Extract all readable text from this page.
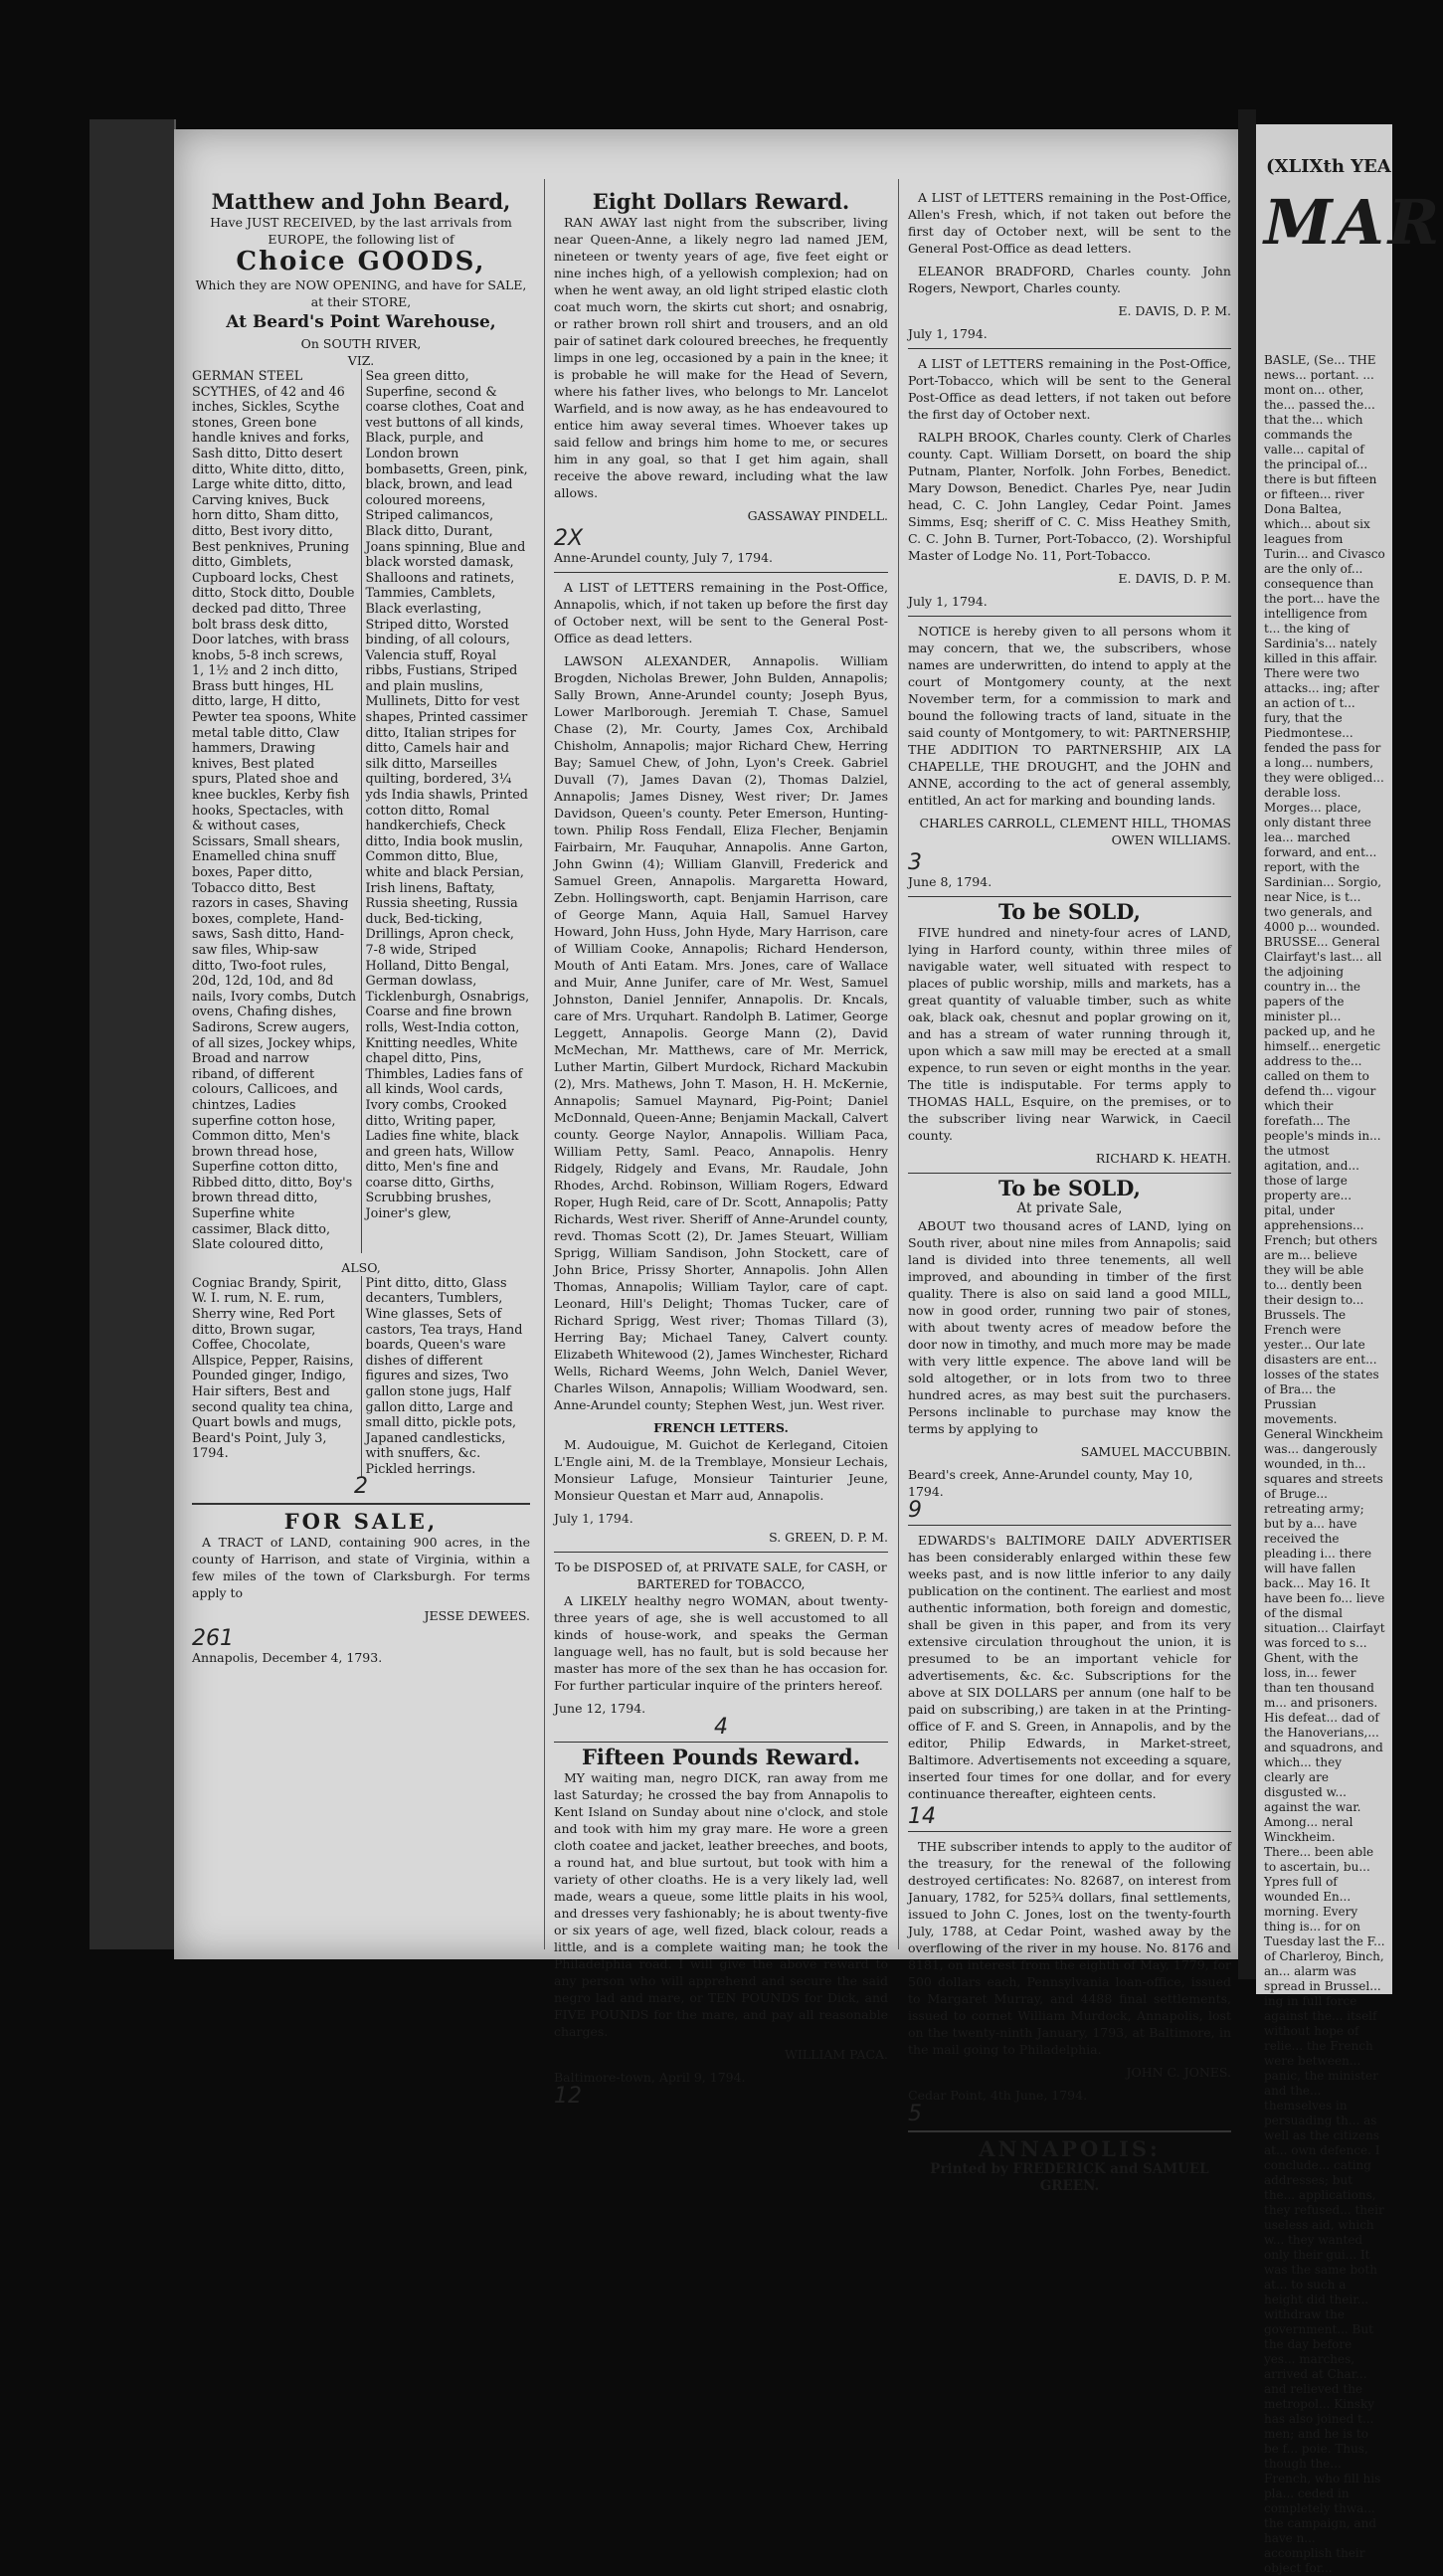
Matthew and John Beard,
Have JUST RECEIVED, by the last arrivals from EUROPE, the following list of
Choice GOODS,
Which they are NOW OPENING, and have for SALE, at their STORE,
At Beard's Point Warehouse,
On SOUTH RIVER,
VIZ.
GERMAN STEEL SCYTHES, of 42 and 46 inches, Sickles, Scythe stones, Green bone handle knives and forks, Sash ditto, Ditto desert ditto, White ditto, ditto, Large white ditto, ditto, Carving knives, Buck horn ditto, Sham ditto, ditto, Best ivory ditto, Best penknives, Pruning ditto, Gimblets, Cupboard locks, Chest ditto, Stock ditto, Double decked pad ditto, Three bolt brass desk ditto, Door latches, with brass knobs, 5-8 inch screws, 1, 1½ and 2 inch ditto, Brass butt hinges, HL ditto, large, H ditto, Pewter tea spoons, White metal table ditto, Claw hammers, Drawing knives, Best plated spurs, Plated shoe and knee buckles, Kerby fish hooks, Spectacles, with & without cases, Scissars, Small shears, Enamelled china snuff boxes, Paper ditto, Tobacco ditto, Best razors in cases, Shaving boxes, complete, Hand-saws, Sash ditto, Hand-saw files, Whip-saw ditto, Two-foot rules, 20d, 12d, 10d, and 8d nails, Ivory combs, Dutch ovens, Chafing dishes, Sadirons, Screw augers, of all sizes, Jockey whips, Broad and narrow riband, of different colours, Callicoes, and chintzes, Ladies superfine cotton hose, Common ditto, Men's brown thread hose, Superfine cotton ditto, Ribbed ditto, ditto, Boy's brown thread ditto, Superfine white cassimer, Black ditto, Slate coloured ditto,
Sea green ditto, Superfine, second & coarse clothes, Coat and vest buttons of all kinds, Black, purple, and London brown bombasetts, Green, pink, black, brown, and lead coloured moreens, Striped calimancos, Black ditto, Durant, Joans spinning, Blue and black worsted damask, Shalloons and ratinets, Tammies, Camblets, Black everlasting, Striped ditto, Worsted binding, of all colours, Valencia stuff, Royal ribbs, Fustians, Striped and plain muslins, Mullinets, Ditto for vest shapes, Printed cassimer ditto, Italian stripes for ditto, Camels hair and silk ditto, Marseilles quilting, bordered, 3¼ yds India shawls, Printed cotton ditto, Romal handkerchiefs, Check ditto, India book muslin, Common ditto, Blue, white and black Persian, Irish linens, Baftaty, Russia sheeting, Russia duck, Bed-ticking, Drillings, Apron check, 7-8 wide, Striped Holland, Ditto Bengal, German dowlass, Ticklenburgh, Osnabrigs, Coarse and fine brown rolls, West-India cotton, Knitting needles, White chapel ditto, Pins, Thimbles, Ladies fans of all kinds, Wool cards, Ivory combs, Crooked ditto, Writing paper, Ladies fine white, black and green hats, Willow ditto, Men's fine and coarse ditto, Girths, Scrubbing brushes, Joiner's glew,
ALSO,
Cogniac Brandy, Spirit, W. I. rum, N. E. rum, Sherry wine, Red Port ditto, Brown sugar, Coffee, Chocolate, Allspice, Pepper, Raisins, Pounded ginger, Indigo, Hair sifters, Best and second quality tea china, Quart bowls and mugs, Beard's Point, July 3, 1794.
Pint ditto, ditto, Glass decanters, Tumblers, Wine glasses, Sets of castors, Tea trays, Hand boards, Queen's ware dishes of different figures and sizes, Two gallon stone jugs, Half gallon ditto, Large and small ditto, pickle pots, Japaned candlesticks, with snuffers, &c. Pickled herrings.
2
FOR SALE,

A TRACT of LAND, containing 900 acres, in the county of Harrison, and state of Virginia, within a few miles of the town of Clarksburgh. For terms apply to

JESSE DEWEES.
261
Annapolis, December 4, 1793.
Eight Dollars Reward.

RAN AWAY last night from the subscriber, living near Queen-Anne, a likely negro lad named JEM, nineteen or twenty years of age, five feet eight or nine inches high, of a yellowish complexion; had on when he went away, an old light striped elastic cloth coat much worn, the skirts cut short; and osnabrig, or rather brown roll shirt and trousers, and an old pair of satinet dark coloured breeches, he frequently limps in one leg, occasioned by a pain in the knee; it is probable he will make for the Head of Severn, where his father lives, who belongs to Mr. Lancelot Warfield, and is now away, as he has endeavoured to entice him away several times. Whoever takes up said fellow and brings him home to me, or secures him in any goal, so that I get him again, shall receive the above reward, including what the law allows.

GASSAWAY PINDELL.
2X
Anne-Arundel county, July 7, 1794.

A LIST of LETTERS remaining in the Post-Office, Annapolis, which, if not taken up before the first day of October next, will be sent to the General Post-Office as dead letters.

LAWSON ALEXANDER, Annapolis. William Brogden, Nicholas Brewer, John Bulden, Annapolis; Sally Brown, Anne-Arundel county; Joseph Byus, Lower Marlborough. Jeremiah T. Chase, Samuel Chase (2), Mr. Courty, James Cox, Archibald Chisholm, Annapolis; major Richard Chew, Herring Bay; Samuel Chew, of John, Lyon's Creek. Gabriel Duvall (7), James Davan (2), Thomas Dalziel, Annapolis; James Disney, West river; Dr. James Davidson, Queen's county. Peter Emerson, Hunting-town. Philip Ross Fendall, Eliza Flecher, Benjamin Fairbairn, Mr. Fauquhar, Annapolis. Anne Garton, John Gwinn (4); William Glanvill, Frederick and Samuel Green, Annapolis. Margaretta Howard, Zebn. Hollingsworth, capt. Benjamin Harrison, care of George Mann, Aquia Hall, Samuel Harvey Howard, John Huss, John Hyde, Mary Harrison, care of William Cooke, Annapolis; Richard Henderson, Mouth of Anti Eatam. Mrs. Jones, care of Wallace and Muir, Anne Junifer, care of Mr. West, Samuel Johnston, Daniel Jennifer, Annapolis. Dr. Kncals, care of Mrs. Urquhart. Randolph B. Latimer, George Leggett, Annapolis. George Mann (2), David McMechan, Mr. Matthews, care of Mr. Merrick, Luther Martin, Gilbert Murdock, Richard Mackubin (2), Mrs. Mathews, John T. Mason, H. H. McKernie, Annapolis; Samuel Maynard, Pig-Point; Daniel McDonnald, Queen-Anne; Benjamin Mackall, Calvert county. George Naylor, Annapolis. William Paca, William Petty, Saml. Peaco, Annapolis. Henry Ridgely, Ridgely and Evans, Mr. Raudale, John Rhodes, Archd. Robinson, William Rogers, Edward Roper, Hugh Reid, care of Dr. Scott, Annapolis; Patty Richards, West river. Sheriff of Anne-Arundel county, revd. Thomas Scott (2), Dr. James Steuart, William Sprigg, William Sandison, John Stockett, care of John Brice, Prissy Shorter, Annapolis. John Allen Thomas, Annapolis; William Taylor, care of capt. Leonard, Hill's Delight; Thomas Tucker, care of Richard Sprigg, West river; Thomas Tillard (3), Herring Bay; Michael Taney, Calvert county. Elizabeth Whitewood (2), James Winchester, Richard Wells, Richard Weems, John Welch, Daniel Wever, Charles Wilson, Annapolis; William Woodward, sen. Anne-Arundel county; Stephen West, jun. West river.

FRENCH LETTERS.

M. Audouigue, M. Guichot de Kerlegand, Citoien L'Engle aini, M. de la Tremblaye, Monsieur Lechais, Monsieur Lafuge, Monsieur Tainturier Jeune, Monsieur Questan et Marr aud, Annapolis.

July 1, 1794.
S. GREEN, D. P. M.
To be DISPOSED of, at PRIVATE SALE, for CASH, or BARTERED for TOBACCO,

A LIKELY healthy negro WOMAN, about twenty-three years of age, she is well accustomed to all kinds of house-work, and speaks the German language well, has no fault, but is sold because her master has more of the sex than he has occasion for. For further particular inquire of the printers hereof.

June 12, 1794.
4
Fifteen Pounds Reward.

MY waiting man, negro DICK, ran away from me last Saturday; he crossed the bay from Annapolis to Kent Island on Sunday about nine o'clock, and stole and took with him my gray mare. He wore a green cloth coatee and jacket, leather breeches, and boots, a round hat, and blue surtout, but took with him a variety of other cloaths. He is a very likely lad, well made, wears a queue, some little plaits in his wool, and dresses very fashionably; he is about twenty-five or six years of age, well fized, black colour, reads a little, and is a complete waiting man; he took the Philadelphia road. I will give the above reward to any person who will apprehend and secure the said negro lad and mare, or TEN POUNDS for Dick, and FIVE POUNDS for the mare, and pay all reasonable charges.

WILLIAM PACA.
Baltimore-town, April 9, 1794.
12

A LIST of LETTERS remaining in the Post-Office, Allen's Fresh, which, if not taken out before the first day of October next, will be sent to the General Post-Office as dead letters.

ELEANOR BRADFORD, Charles county. John Rogers, Newport, Charles county.

E. DAVIS, D. P. M.
July 1, 1794.

A LIST of LETTERS remaining in the Post-Office, Port-Tobacco, which will be sent to the General Post-Office as dead letters, if not taken out before the first day of October next.

RALPH BROOK, Charles county. Clerk of Charles county. Capt. William Dorsett, on board the ship Putnam, Planter, Norfolk. John Forbes, Benedict. Mary Dowson, Benedict. Charles Pye, near Judin head, C. C. John Langley, Cedar Point. James Simms, Esq; sheriff of C. C. Miss Heathey Smith, C. C. John B. Turner, Port-Tobacco, (2). Worshipful Master of Lodge No. 11, Port-Tobacco.

E. DAVIS, D. P. M.
July 1, 1794.

NOTICE is hereby given to all persons whom it may concern, that we, the subscribers, whose names are underwritten, do intend to apply at the court of Montgomery county, at the next November term, for a commission to mark and bound the following tracts of land, situate in the said county of Montgomery, to wit: PARTNERSHIP, THE ADDITION TO PARTNERSHIP, AIX LA CHAPELLE, THE DROUGHT, and the JOHN and ANNE, according to the act of general assembly, entitled, An act for marking and bounding lands.

CHARLES CARROLL, CLEMENT HILL, THOMAS OWEN WILLIAMS.
3
June 8, 1794.
To be SOLD,

FIVE hundred and ninety-four acres of LAND, lying in Harford county, within three miles of navigable water, well situated with respect to places of public worship, mills and markets, has a great quantity of valuable timber, such as white oak, black oak, chesnut and poplar growing on it, and has a stream of water running through it, upon which a saw mill may be erected at a small expence, to run seven or eight months in the year. The title is indisputable. For terms apply to THOMAS HALL, Esquire, on the premises, or to the subscriber living near Warwick, in Caecil county.

RICHARD K. HEATH.
To be SOLD,
At private Sale,

ABOUT two thousand acres of LAND, lying on South river, about nine miles from Annapolis; said land is divided into three tenements, all well improved, and abounding in timber of the first quality. There is also on said land a good MILL, now in good order, running two pair of stones, with about twenty acres of meadow before the door now in timothy, and much more may be made with very little expence. The above land will be sold altogether, or in lots from two to three hundred acres, as may best suit the purchasers. Persons inclinable to purchase may know the terms by applying to

SAMUEL MACCUBBIN.
Beard's creek, Anne-Arundel county, May 10, 1794.
9

EDWARDS's BALTIMORE DAILY ADVERTISER has been considerably enlarged within these few weeks past, and is now little inferior to any daily publication on the continent. The earliest and most authentic information, both foreign and domestic, shall be given in this paper, and from its very extensive circulation throughout the union, it is presumed to be an important vehicle for advertisements, &c. &c. Subscriptions for the above at SIX DOLLARS per annum (one half to be paid on subscribing,) are taken in at the Printing-office of F. and S. Green, in Annapolis, and by the editor, Philip Edwards, in Market-street, Baltimore. Advertisements not exceeding a square, inserted four times for one dollar, and for every continuance thereafter, eighteen cents.

14

THE subscriber intends to apply to the auditor of the treasury, for the renewal of the following destroyed certificates: No. 82687, on interest from January, 1782, for 525¾ dollars, final settlements, issued to John C. Jones, lost on the twenty-fourth July, 1788, at Cedar Point, washed away by the overflowing of the river in my house. No. 8176 and 8181, on interest from the eighth of May, 1779, for 500 dollars each, Pennsylvania loan-office, issued to Margaret Murray, and 4488 final settlements, issued to cornet William Murdock, Annapolis, lost on the twenty-ninth January, 1793, at Baltimore, in the mail going to Philadelphia.

JOHN C. JONES.
Cedar Point, 4th June, 1794.
5
ANNAPOLIS:
Printed by FREDERICK and SAMUEL GREEN.
(XLIXth YEA
MAR
BASLE, (Se... THE news... portant. ... mont on... other, the... passed the... that the... which commands the valle... capital of the principal of... there is but fifteen or fifteen... river Dona Baltea, which... about six leagues from Turin... and Civasco are the only of... consequence than the port... have the intelligence from t... the king of Sardinia's... nately killed in this affair. There were two attacks... ing; after an action of t... fury, that the Piedmontese... fended the pass for a long... numbers, they were obliged... derable loss. Morges... place, only distant three lea... marched forward, and ent... report, with the Sardinian... Sorgio, near Nice, is t... two generals, and 4000 p... wounded. BRUSSE... General Clairfayt's last... all the adjoining country in... the papers of the minister pl... packed up, and he himself... energetic address to the... called on them to defend th... vigour which their forefath... The people's minds in... the utmost agitation, and... those of large property are... pital, under apprehensions... French; but others are m... believe they will be able to... dently been their design to... Brussels. The French were yester... Our late disasters are ent... losses of the states of Bra... the Prussian movements. General Winckheim was... dangerously wounded, in th... squares and streets of Bruge... retreating army; but by a... have received the pleading i... there will have fallen back... May 16. It have been fo... lieve of the dismal situation... Clairfayt was forced to s... Ghent, with the loss, in... fewer than ten thousand m... and prisoners. His defeat... dad of the Hanoverians,... and squadrons, and which... they clearly are disgusted w... against the war. Among... neral Winckheim. There... been able to ascertain, bu... Ypres full of wounded En... morning. Every thing is... for on Tuesday last the F... of Charleroy, Binch, an... alarm was spread in Brussel... ing in full force against the... itself without hope of relie... the French were between... panic, the minister and the... themselves in persuading th... as well as the citizens at... own defence. I conclude... cating addresses; but the... applications, they refused... their useless aid, which w... they wanted only their gui... It was the same both at... to such a height did their... withdraw the government... But the day before yes... marches, arrived at Char... and relieved the metropol... Kinsky has also joined t... men; and he is to be f... poie. Thus, though the... French, who fill his pla... ceded in completely thwa... the campaign, and have n... accomplish their object for...
